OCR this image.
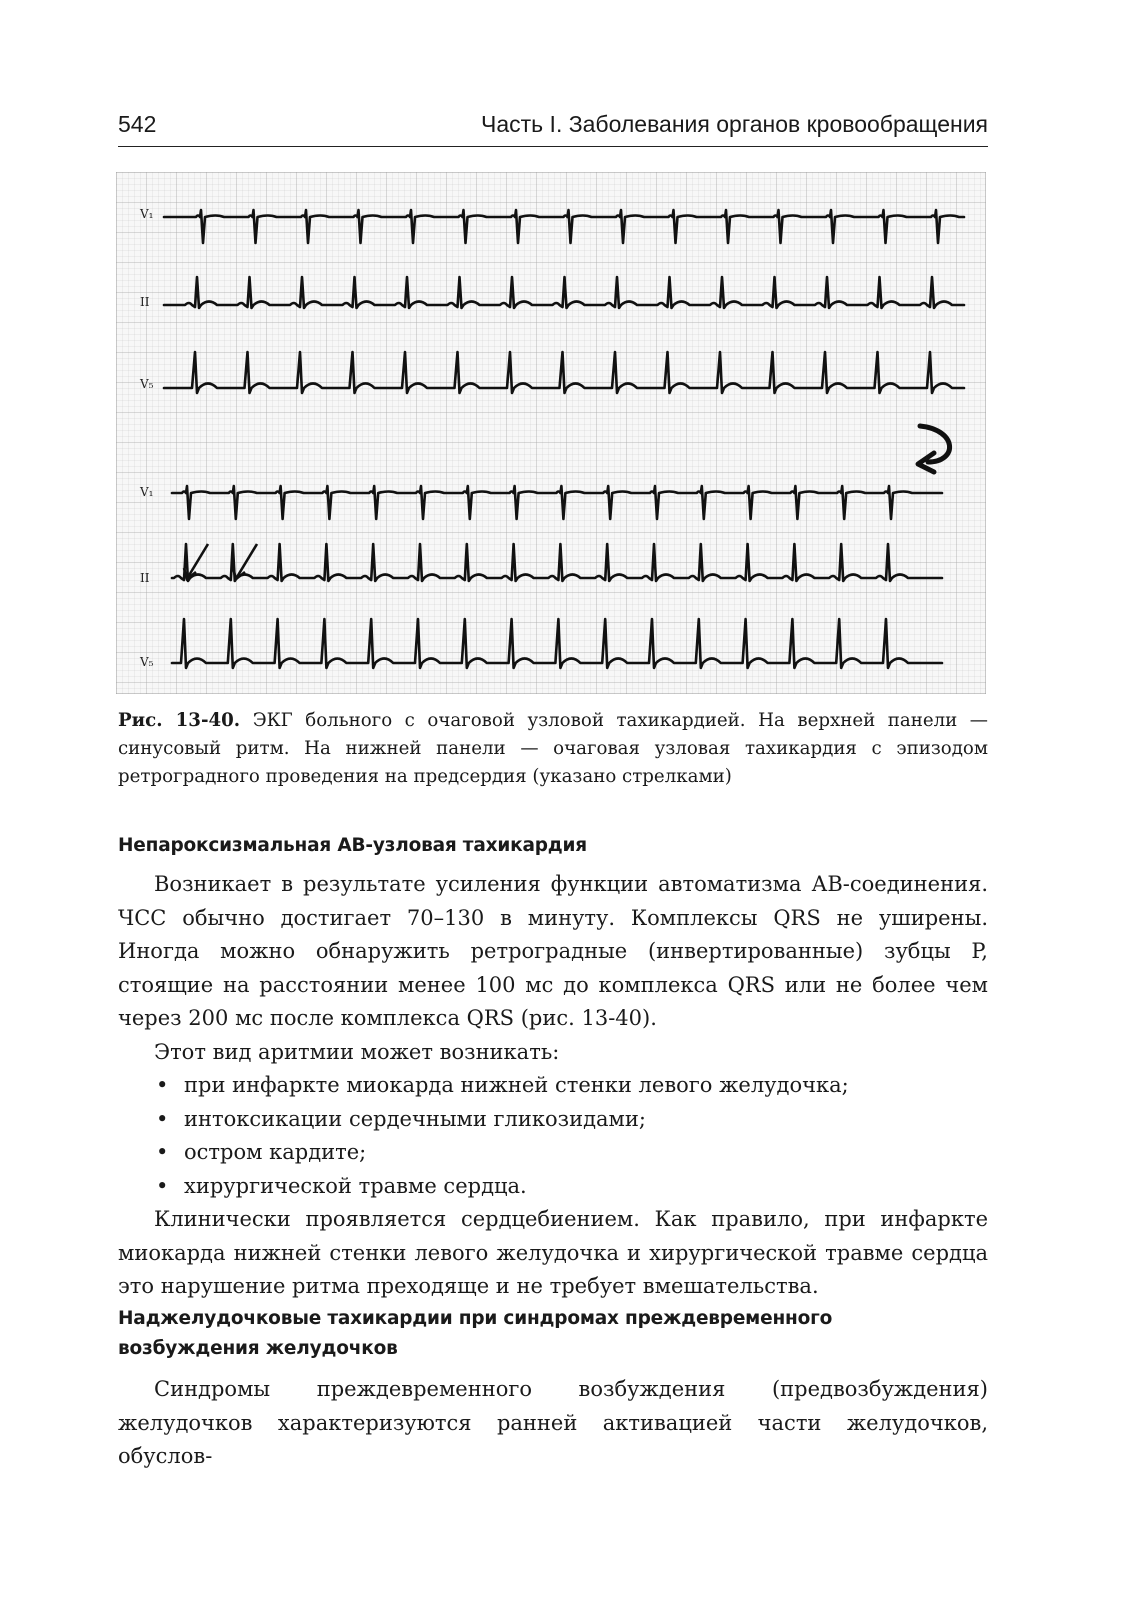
542	Часть I. Заболевания органов кровообращения
V₁
II
V₅
V₁
II
V₅
Рис. 13-40. ЭКГ больного с очаговой узловой тахикардией. На верхней панели — синусовый ритм. На нижней панели — очаговая узловая тахикардия с эпизодом ретроградного проведения на предсердия (указано стрелками)
Непароксизмальная АВ-узловая тахикардия

Возникает в результате усиления функции автоматизма АВ-соединения. ЧСС обычно достигает 70–130 в минуту. Комплексы QRS не уширены. Иногда можно обнаружить ретроградные (инвертированные) зубцы P, стоящие на расстоянии менее 100 мс до комплекса QRS или не более чем через 200 мс после комплекса QRS (рис. 13-40).

Этот вид аритмии может возникать:

• при инфаркте миокарда нижней стенки левого желудочка;
• интоксикации сердечными гликозидами;
• остром кардите;
• хирургической травме сердца.

Клинически проявляется сердцебиением. Как правило, при инфаркте миокарда нижней стенки левого желудочка и хирургической травме сердца это нарушение ритма преходяще и не требует вмешательства.

Наджелудочковые тахикардии при синдромах преждевременного
возбуждения желудочков

Синдромы преждевременного возбуждения (предвозбуждения) желудочков характеризуются ранней активацией части желудочков, обуслов-
